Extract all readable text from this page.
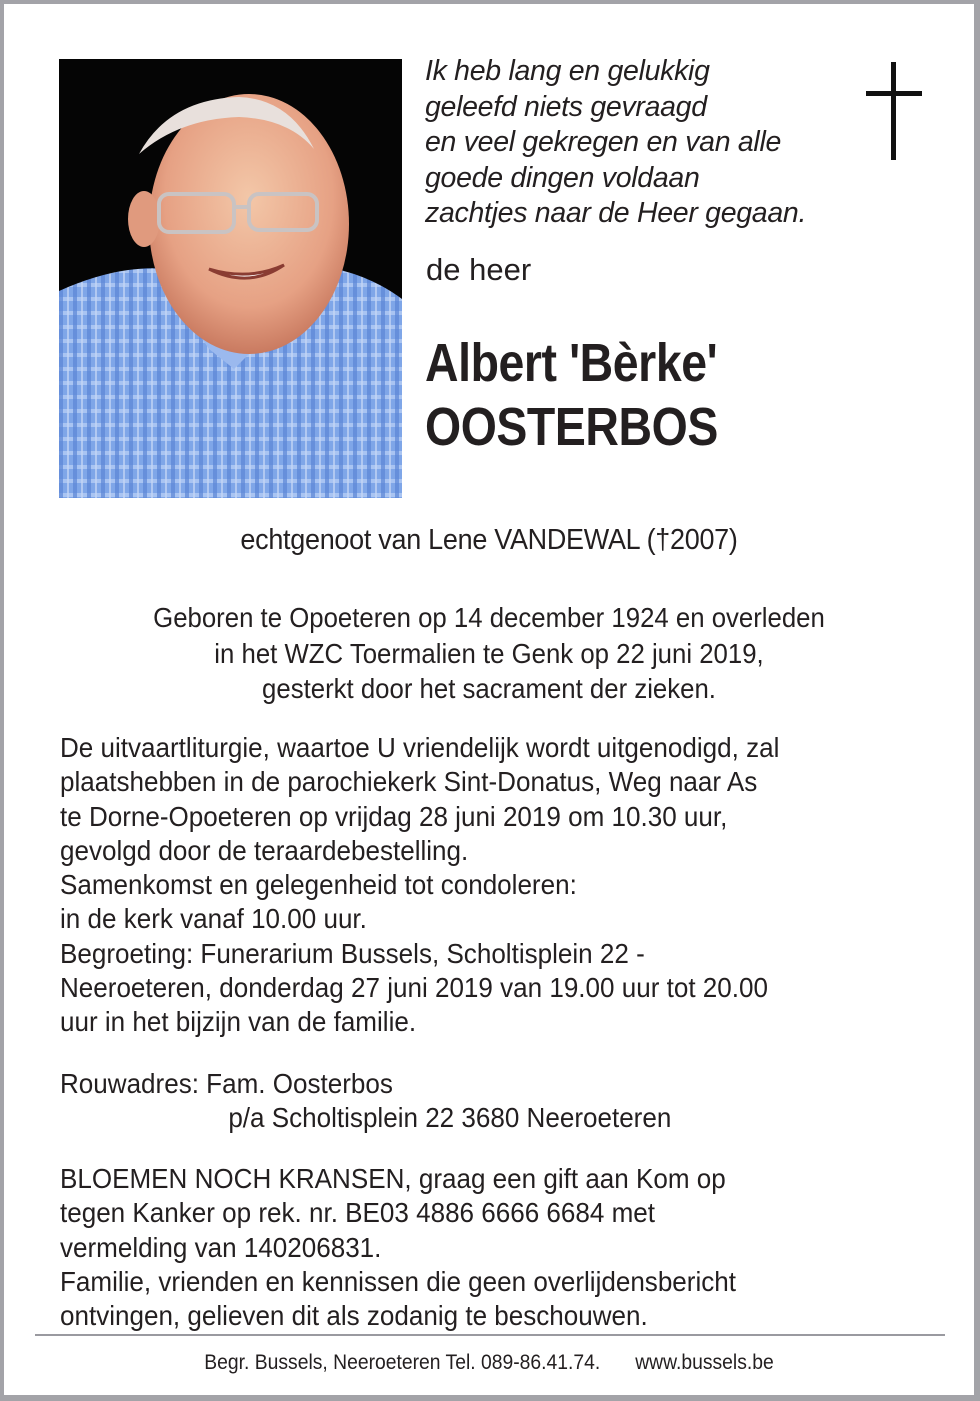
Ik heb lang en gelukkig
geleefd niets gevraagd
en veel gekregen en van alle
goede dingen voldaan
zachtjes naar de Heer gegaan.
de heer
Albert 'Bèrke'
OOSTERBOS
echtgenoot van Lene VANDEWAL (†2007)
Geboren te Opoeteren op 14 december 1924 en overleden
in het WZC Toermalien te Genk op 22 juni 2019,
gesterkt door het sacrament der zieken.
De uitvaartliturgie, waartoe U vriendelijk wordt uitgenodigd, zal
plaatshebben in de parochiekerk Sint-Donatus, Weg naar As
te Dorne-Opoeteren op vrijdag 28 juni 2019 om 10.30 uur,
gevolgd door de teraardebestelling.
Samenkomst en gelegenheid tot condoleren:
in de kerk vanaf 10.00 uur.
Begroeting: Funerarium Bussels, Scholtisplein 22 -
Neeroeteren, donderdag 27 juni 2019 van 19.00 uur tot 20.00
uur in het bijzijn van de familie.
Rouwadres: Fam. Oosterbos
p/a Scholtisplein 22 3680 Neeroeteren
BLOEMEN NOCH KRANSEN, graag een gift aan Kom op
tegen Kanker op rek. nr. BE03 4886 6666 6684 met
vermelding van 140206831.
Familie, vrienden en kennissen die geen overlijdensbericht
ontvingen, gelieven dit als zodanig te beschouwen.
Begr. Bussels, Neeroeteren Tel. 089-86.41.74. www.bussels.be
